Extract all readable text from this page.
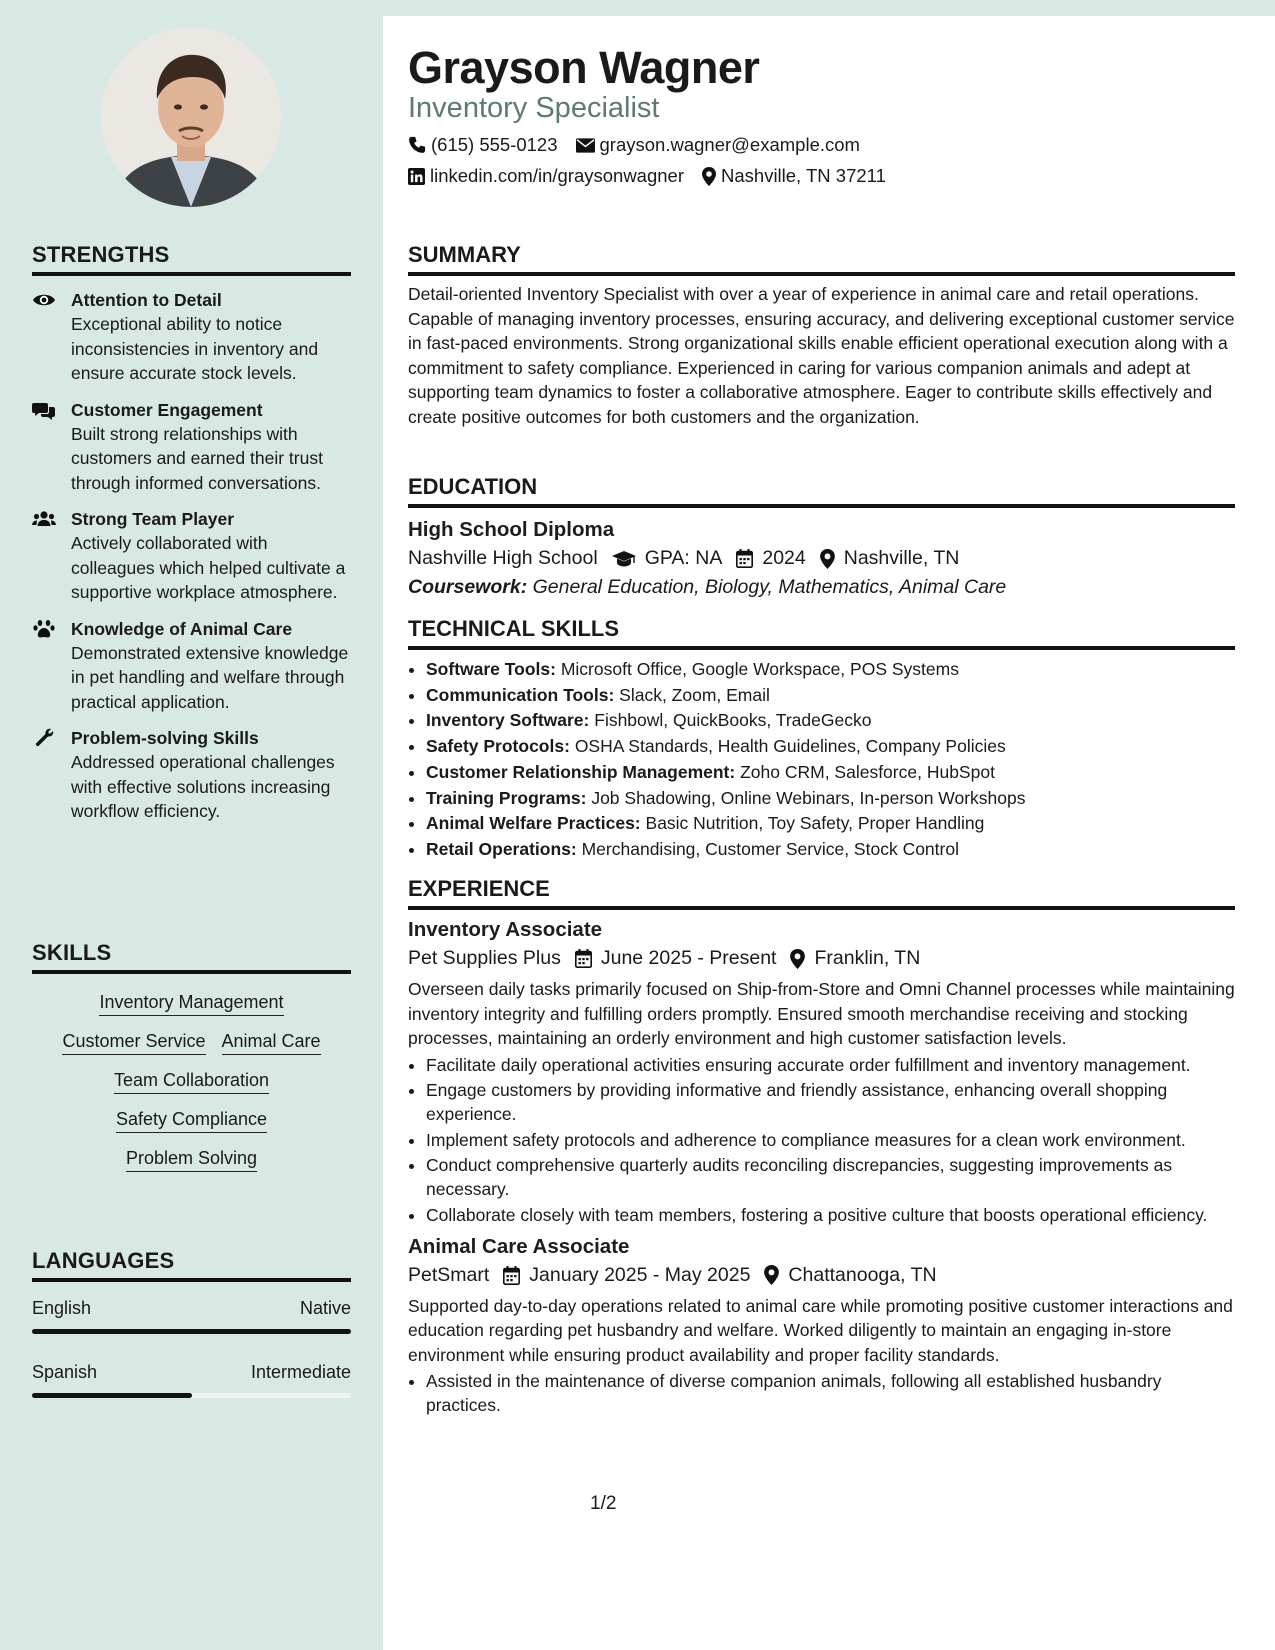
STRENGTHS
Attention to Detail
Exceptional ability to notice inconsistencies in inventory and ensure accurate stock levels.
Customer Engagement
Built strong relationships with customers and earned their trust through informed conversations.
Strong Team Player
Actively collaborated with colleagues which helped cultivate a supportive workplace atmosphere.
Knowledge of Animal Care
Demonstrated extensive knowledge in pet handling and welfare through practical application.
Problem-solving Skills
Addressed operational challenges with effective solutions increasing workflow efficiency.
SKILLS
Inventory Management
Customer Service Animal Care
Team Collaboration
Safety Compliance
Problem Solving
LANGUAGES
English	Native
Spanish	Intermediate
Grayson Wagner
Inventory Specialist
(615) 555-0123 grayson.wagner@example.com
linkedin.com/in/graysonwagner Nashville, TN 37211
SUMMARY

Detail-oriented Inventory Specialist with over a year of experience in animal care and retail operations. Capable of managing inventory processes, ensuring accuracy, and delivering exceptional customer service in fast-paced environments. Strong organizational skills enable efficient operational execution along with a commitment to safety compliance. Experienced in caring for various companion animals and adept at supporting team dynamics to foster a collaborative atmosphere. Eager to contribute skills effectively and create positive outcomes for both customers and the organization.

EDUCATION
High School Diploma
Nashville High School GPA: NA 2024 Nashville, TN
Coursework: General Education, Biology, Mathematics, Animal Care
TECHNICAL SKILLS
• Software Tools: Microsoft Office, Google Workspace, POS Systems
• Communication Tools: Slack, Zoom, Email
• Inventory Software: Fishbowl, QuickBooks, TradeGecko
• Safety Protocols: OSHA Standards, Health Guidelines, Company Policies
• Customer Relationship Management: Zoho CRM, Salesforce, HubSpot
• Training Programs: Job Shadowing, Online Webinars, In-person Workshops
• Animal Welfare Practices: Basic Nutrition, Toy Safety, Proper Handling
• Retail Operations: Merchandising, Customer Service, Stock Control
EXPERIENCE
Inventory Associate
Pet Supplies Plus June 2025 - Present Franklin, TN

Overseen daily tasks primarily focused on Ship-from-Store and Omni Channel processes while maintaining inventory integrity and fulfilling orders promptly. Ensured smooth merchandise receiving and stocking processes, maintaining an orderly environment and high customer satisfaction levels.

• Facilitate daily operational activities ensuring accurate order fulfillment and inventory management.
• Engage customers by providing informative and friendly assistance, enhancing overall shopping experience.
• Implement safety protocols and adherence to compliance measures for a clean work environment.
• Conduct comprehensive quarterly audits reconciling discrepancies, suggesting improvements as necessary.
• Collaborate closely with team members, fostering a positive culture that boosts operational efficiency.
Animal Care Associate
PetSmart January 2025 - May 2025 Chattanooga, TN

Supported day-to-day operations related to animal care while promoting positive customer interactions and education regarding pet husbandry and welfare. Worked diligently to maintain an engaging in-store environment while ensuring product availability and proper facility standards.

• Assisted in the maintenance of diverse companion animals, following all established husbandry practices.
1/2
